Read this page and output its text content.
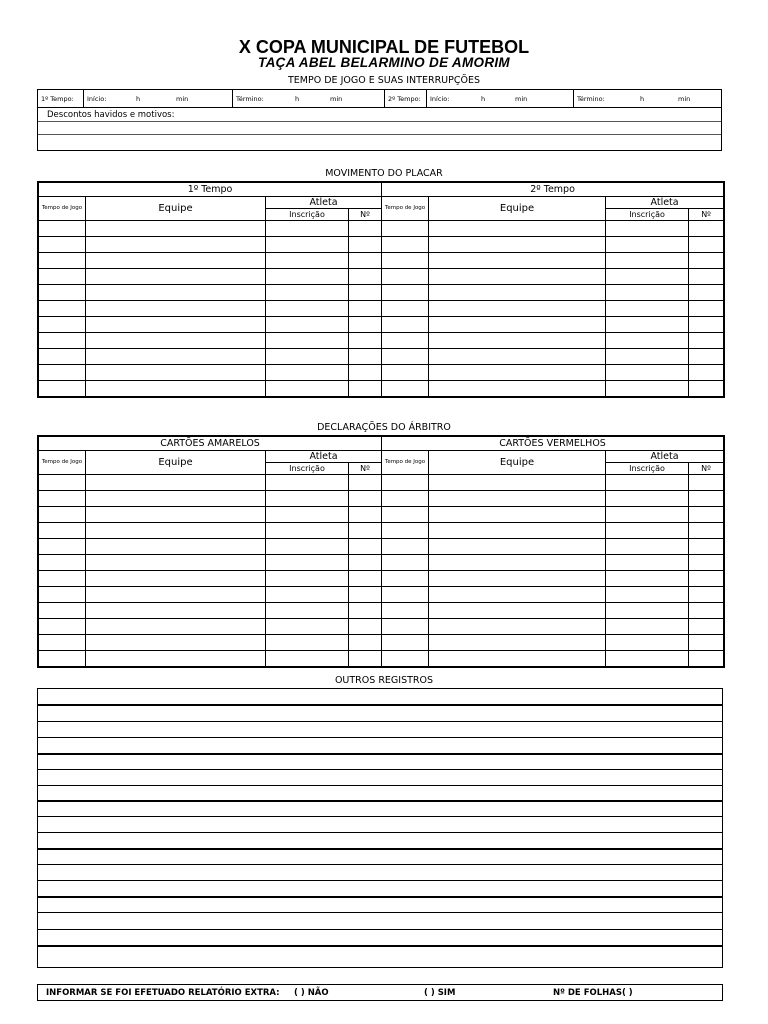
X COPA MUNICIPAL DE FUTEBOL
TAÇA ABEL BELARMINO DE AMORIM
TEMPO DE JOGO E SUAS INTERRUPÇÕES
1º Tempo:	Início:	h	min	Término:	h	min	2º Tempo:	Início:	h	min	Término:	h	min
Descontos havidos e motivos:
MOVIMENTO DO PLACAR
1º Tempo				2º Tempo			
Tempo de Jogo	Equipe	Atleta		Tempo de Jogo	Equipe	Atleta	
		Inscrição	Nº			Inscrição	Nº

DECLARAÇÕES DO ÁRBITRO
CARTÕES AMARELOS				CARTÕES VERMELHOS			
Tempo de Jogo	Equipe	Atleta		Tempo de Jogo	Equipe	Atleta	
		Inscrição	Nº			Inscrição	Nº

OUTROS REGISTROS
INFORMAR SE FOI EFETUADO RELATÓRIO EXTRA: ( ) NÃO	( ) SIM	Nº DE FOLHAS( )
